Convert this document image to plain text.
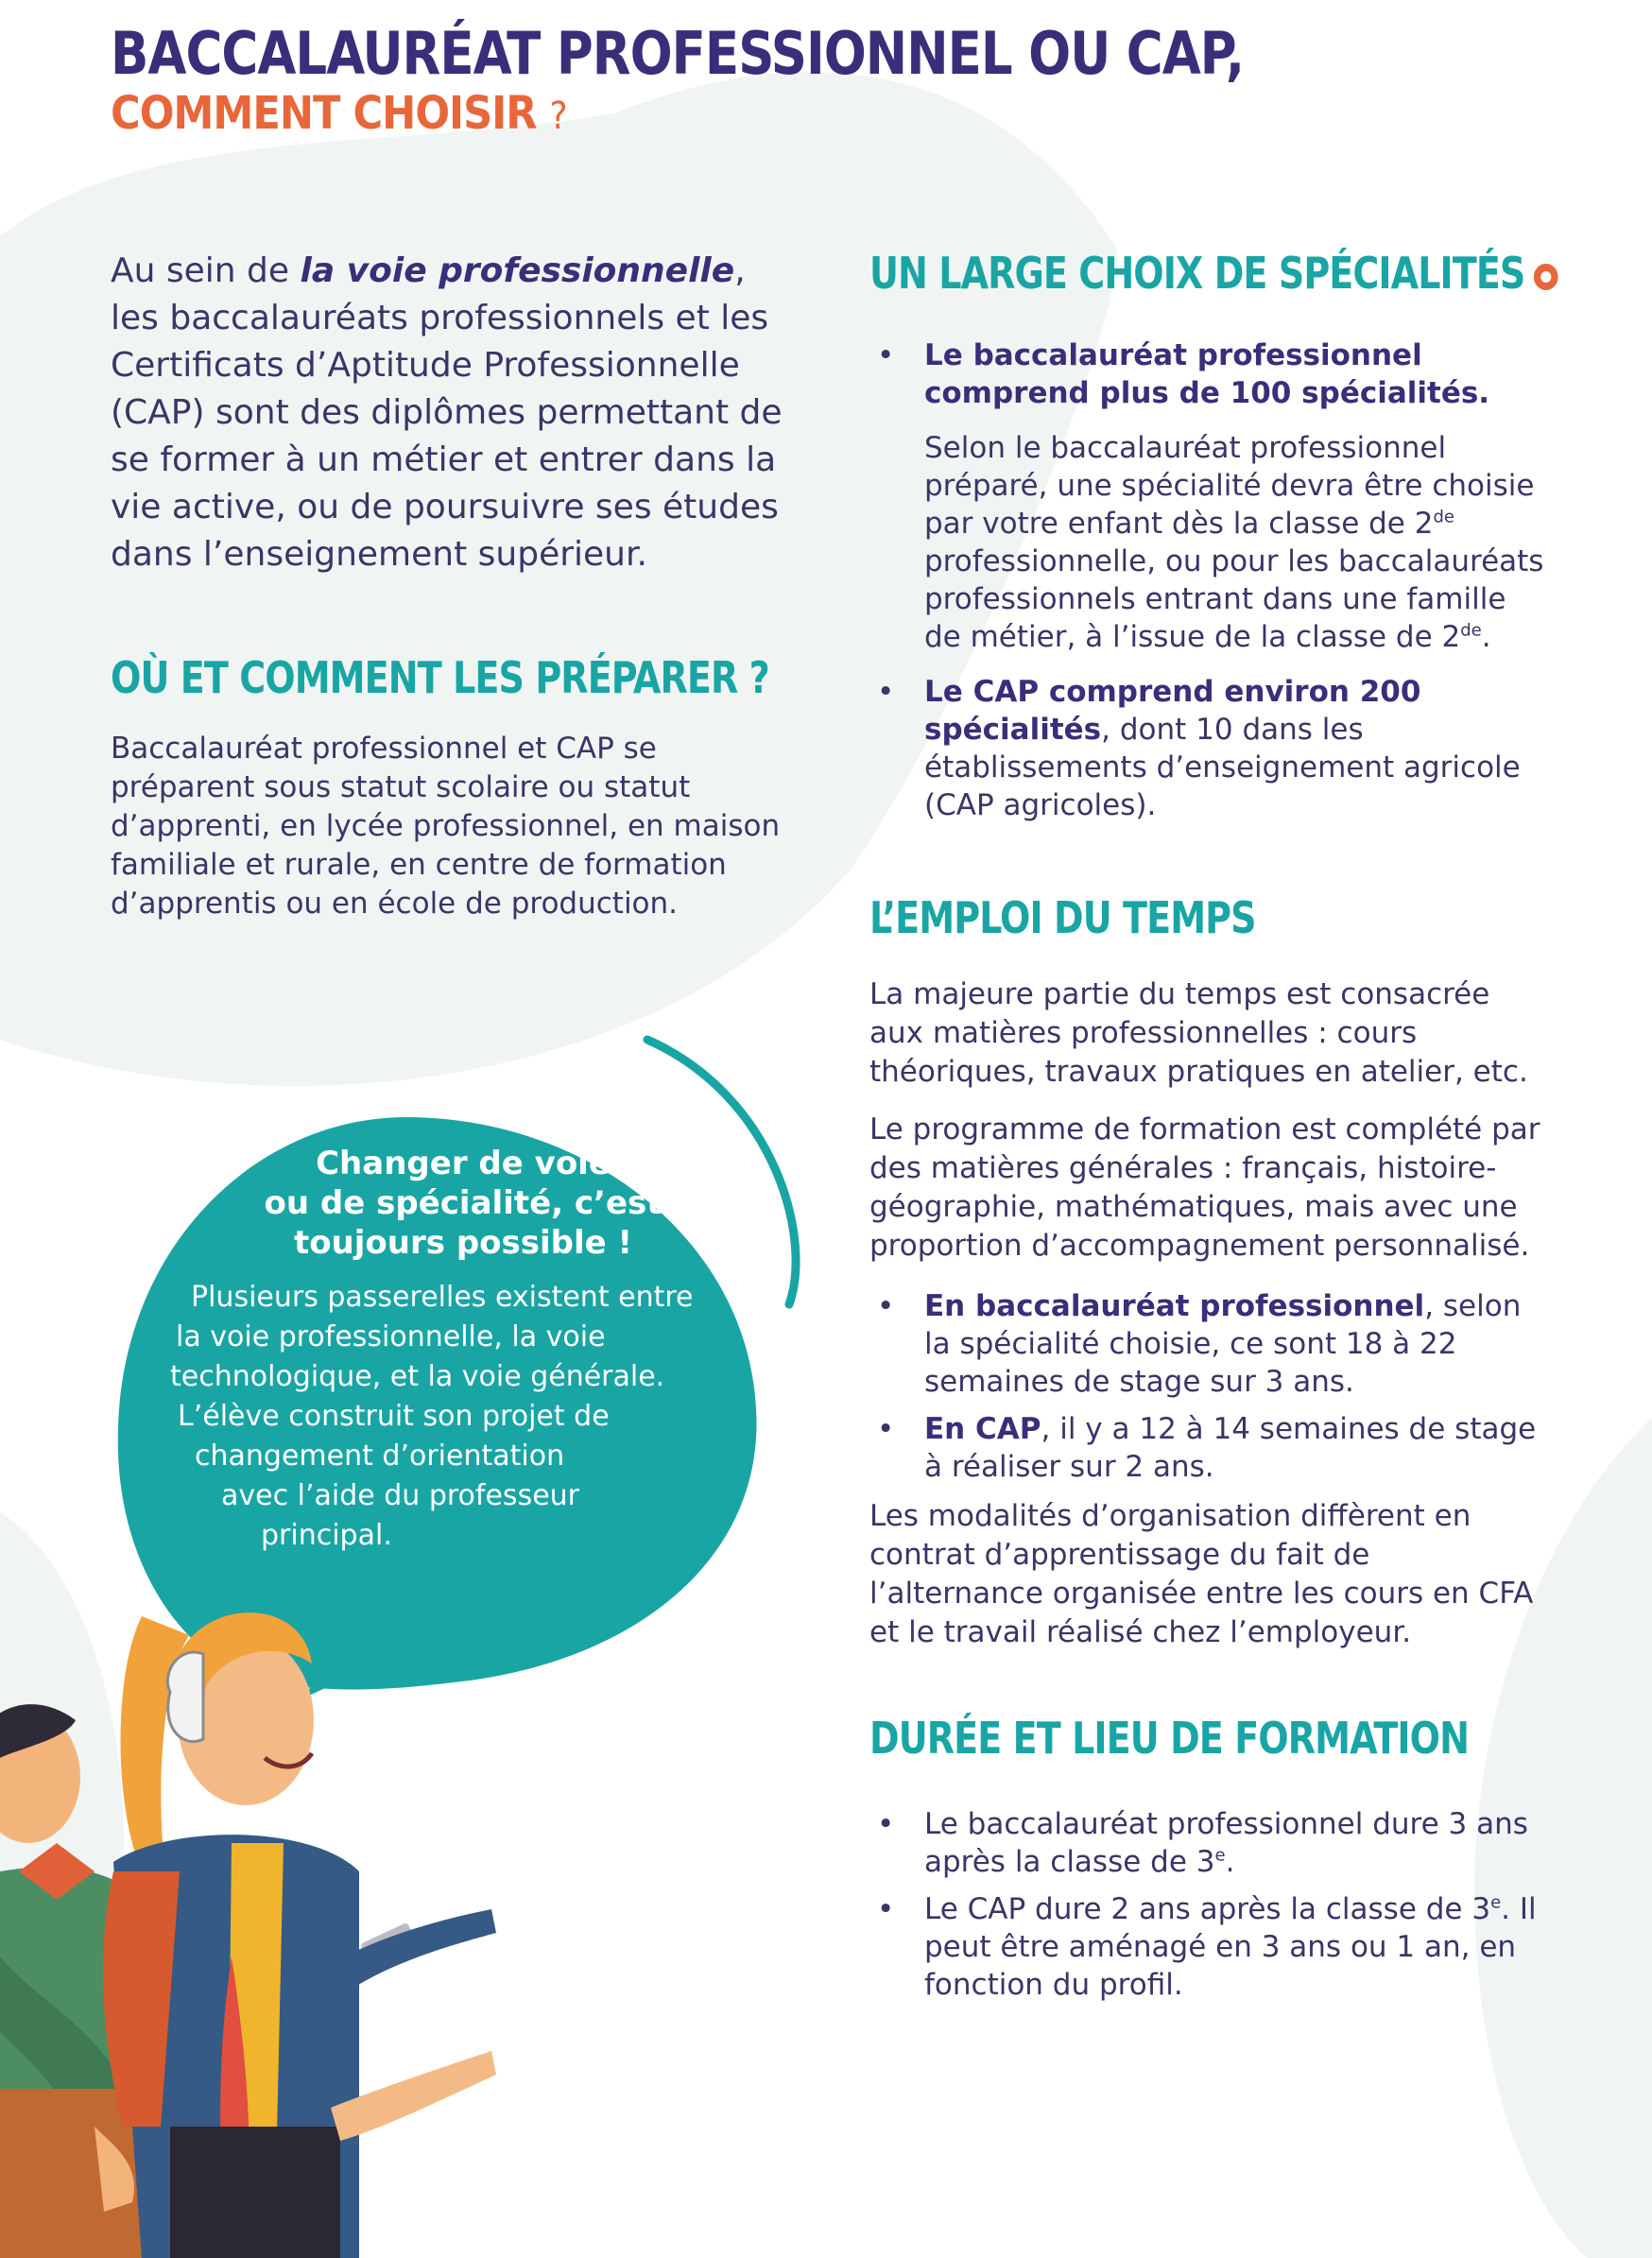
BACCALAURÉAT PROFESSIONNEL OU CAP,
COMMENT CHOISIR ?

Au sein de la voie professionnelle, les baccalauréats professionnels et les Certificats d’Aptitude Professionnelle (CAP) sont des diplômes permettant de se former à un métier et entrer dans la vie active, ou de poursuivre ses études dans l’enseignement supérieur.

OÙ ET COMMENT LES PRÉPARER ?

Baccalauréat professionnel et CAP se préparent sous statut scolaire ou statut d’apprenti, en lycée professionnel, en maison familiale et rurale, en centre de formation d’apprentis ou en école de production.

Changer de voie
ou de spécialité, c’est
toujours possible !
Plusieurs passerelles existent entre
la voie professionnelle, la voie
technologique, et la voie générale.
L’élève construit son projet de
changement d’orientation
avec l’aide du professeur
principal.
UN LARGE CHOIX DE SPÉCIALITÉS
• Le baccalauréat professionnel comprend plus de 100 spécialités.
Selon le baccalauréat professionnel préparé, une spécialité devra être choisie par votre enfant dès la classe de 2de professionnelle, ou pour les baccalauréats professionnels entrant dans une famille de métier, à l’issue de la classe de 2de.
• Le CAP comprend environ 200 spécialités, dont 10 dans les établissements d’enseignement agricole (CAP agricoles).
L’EMPLOI DU TEMPS

La majeure partie du temps est consacrée aux matières professionnelles : cours théoriques, travaux pratiques en atelier, etc.

Le programme de formation est complété par des matières générales : français, histoire-géographie, mathématiques, mais avec une proportion d’accompagnement personnalisé.

• En baccalauréat professionnel, selon la spécialité choisie, ce sont 18 à 22 semaines de stage sur 3 ans.
• En CAP, il y a 12 à 14 semaines de stage à réaliser sur 2 ans.

Les modalités d’organisation diffèrent en contrat d’apprentissage du fait de l’alternance organisée entre les cours en CFA et le travail réalisé chez l’employeur.

DURÉE ET LIEU DE FORMATION
• Le baccalauréat professionnel dure 3 ans après la classe de 3e.
• Le CAP dure 2 ans après la classe de 3e. Il peut être aménagé en 3 ans ou 1 an, en fonction du profil.
